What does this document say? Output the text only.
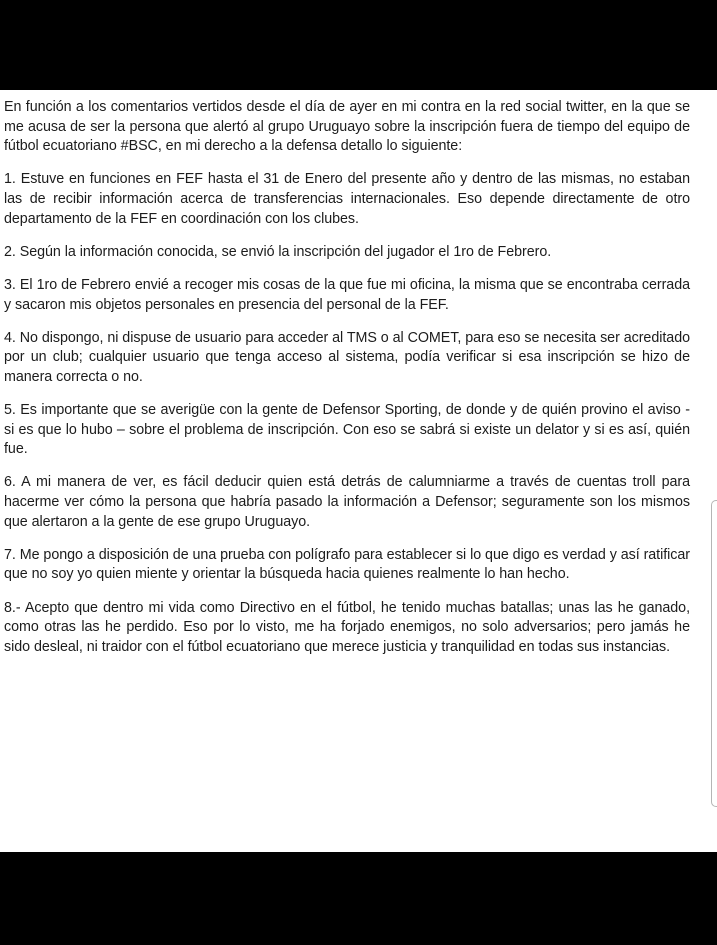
En función a los comentarios vertidos desde el día de ayer en mi contra en la red social twitter, en la que se me acusa de ser la persona que alertó al grupo Uruguayo sobre la inscripción fuera de tiempo del equipo de fútbol ecuatoriano #BSC, en mi derecho a la defensa detallo lo siguiente:

1. Estuve en funciones en FEF hasta el 31 de Enero del presente año y dentro de las mismas, no estaban las de recibir información acerca de transferencias internacionales. Eso depende directamente de otro departamento de la FEF en coordinación con los clubes.

2. Según la información conocida, se envió la inscripción del jugador el 1ro de Febrero.

3. El 1ro de Febrero envié a recoger mis cosas de la que fue mi oficina, la misma que se encontraba cerrada y sacaron mis objetos personales en presencia del personal de la FEF.

4. No dispongo, ni dispuse de usuario para acceder al TMS o al COMET, para eso se necesita ser acreditado por un club; cualquier usuario que tenga acceso al sistema, podía verificar si esa inscripción se hizo de manera correcta o no.

5. Es importante que se averigüe con la gente de Defensor Sporting, de donde y de quién provino el aviso - si es que lo hubo – sobre el problema de inscripción. Con eso se sabrá si existe un delator y si es así, quién fue.

6. A mi manera de ver, es fácil deducir quien está detrás de calumniarme a través de cuentas troll para hacerme ver cómo la persona que habría pasado la información a Defensor; seguramente son los mismos que alertaron a la gente de ese grupo Uruguayo.

7. Me pongo a disposición de una prueba con polígrafo para establecer si lo que digo es verdad y así ratificar que no soy yo quien miente y orientar la búsqueda hacia quienes realmente lo han hecho.

8.- Acepto que dentro mi vida como Directivo en el fútbol, he tenido muchas batallas; unas las he ganado, como otras las he perdido. Eso por lo visto, me ha forjado enemigos, no solo adversarios; pero jamás he sido desleal, ni traidor con el fútbol ecuatoriano que merece justicia y tranquilidad en todas sus instancias.
